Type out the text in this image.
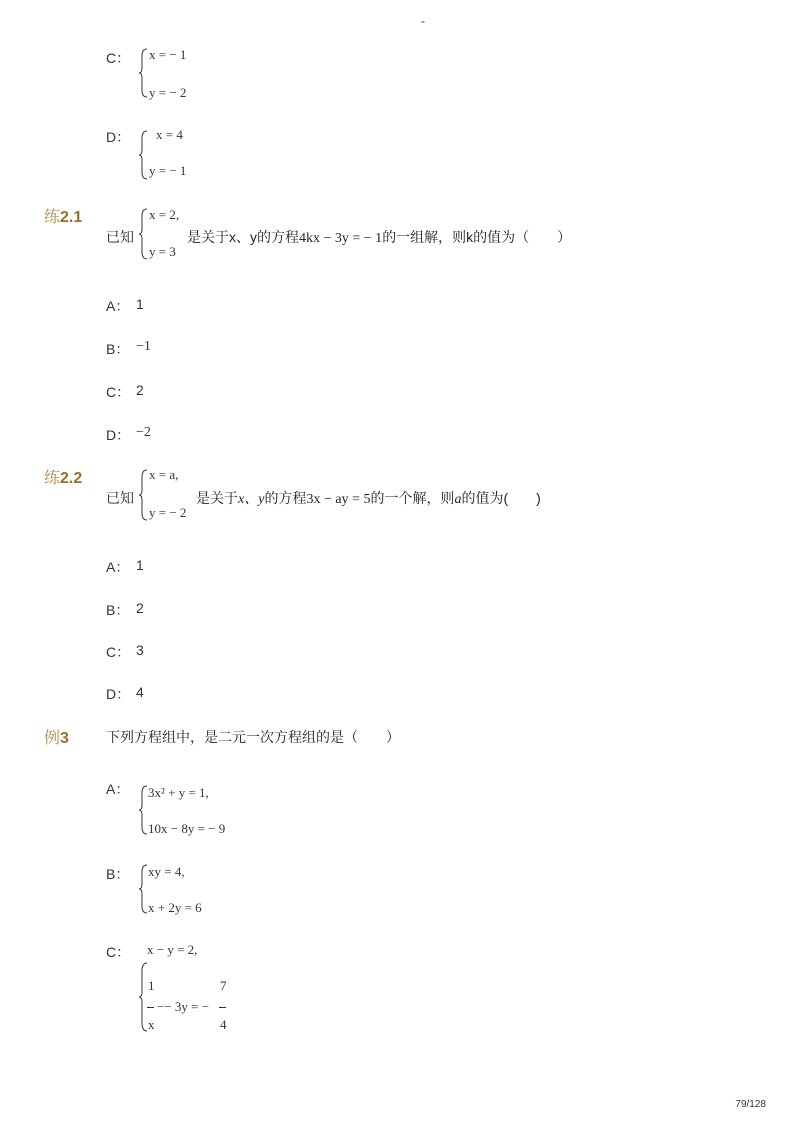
-
C： x = − 1
y = − 2
D： x = 4
y = − 1
练2.1
已知
x = 2,
y = 3
是关于x、y的方程4kx − 3y = − 1的一组解，则k的值为（　　）
A： 1
B： −1
C： 2
D： −2
练2.2
已知
x = a,
y = − 2
是关于x、y的方程3x − ay = 5的一个解，则a的值为(　　)
A： 1
B： 2
C： 3
D： 4
例3	下列方程组中，是二元一次方程组的是（　　）
A： 3x² + y = 1,
10x − 8y = − 9
B： xy = 4,
x + 2y = 6
C： x − y = 2,
1
x
−− 3y = −
7
4
79/128
